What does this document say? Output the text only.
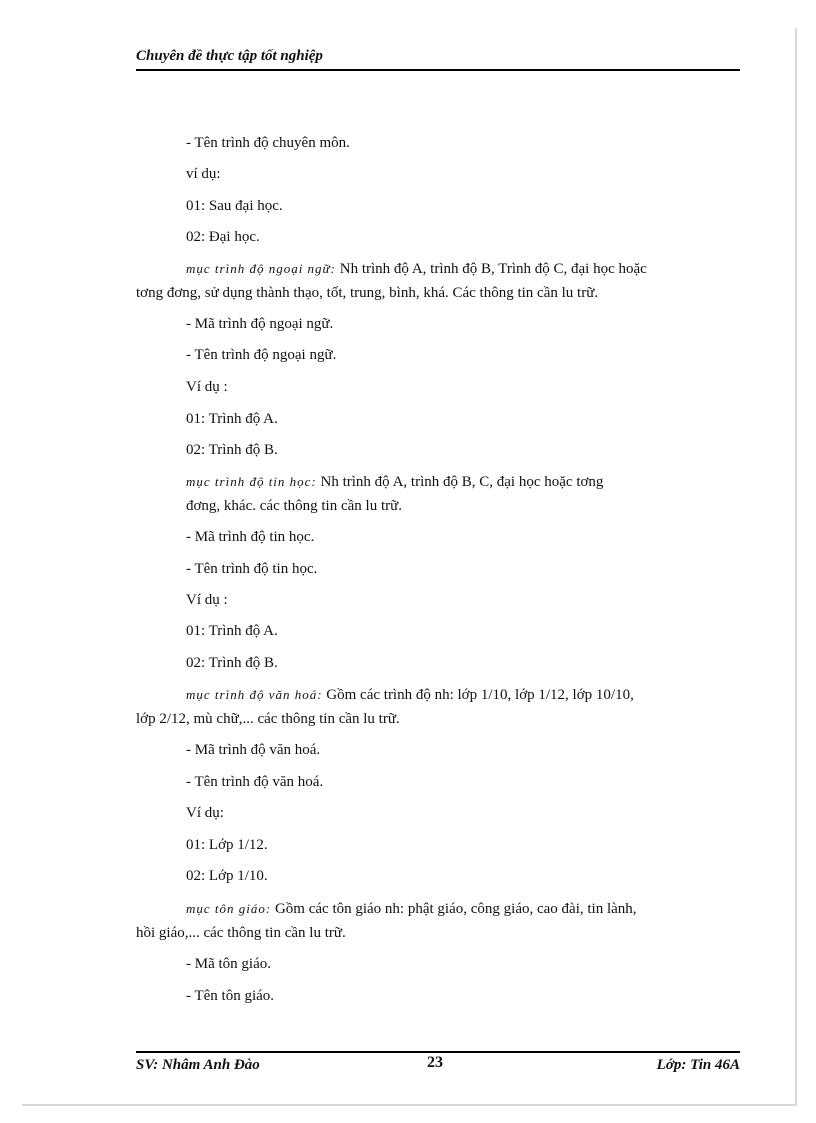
Chuyên đề thực tập tốt nghiệp
- Tên trình độ chuyên môn.
ví dụ:
01: Sau đại học.
02: Đại học.
mục trình độ ngoại ngữ: Nh trình độ A, trình độ B, Trình độ C, đại học hoặc
tơng đơng, sử dụng thành thạo, tốt, trung, bình, khá. Các thông tin cần lu trữ.
- Mã trình độ ngoại ngữ.
- Tên trình độ ngoại ngữ.
Ví dụ :
01: Trình độ A.
02: Trình độ B.
mục trình độ tin học: Nh trình độ A, trình độ B, C, đại học hoặc tơng
đơng, khác. các thông tin cần lu trữ.
- Mã trình độ tin học.
- Tên trình độ tin học.
Ví dụ :
01: Trình độ A.
02: Trình độ B.
mục trình độ văn hoá: Gồm các trình độ nh: lớp 1/10, lớp 1/12, lớp 10/10,
lớp 2/12, mù chữ,... các thông tin cần lu trữ.
- Mã trình độ văn hoá.
- Tên trình độ văn hoá.
Ví dụ:
01: Lớp 1/12.
02: Lớp 1/10.
mục tôn giáo: Gồm các tôn giáo nh: phật giáo, công giáo, cao đài, tin lành,
hồi giáo,... các thông tin cần lu trữ.
- Mã tôn giáo.
- Tên tôn giáo.
SV: Nhâm Anh Đào	23	Lớp: Tin 46A
